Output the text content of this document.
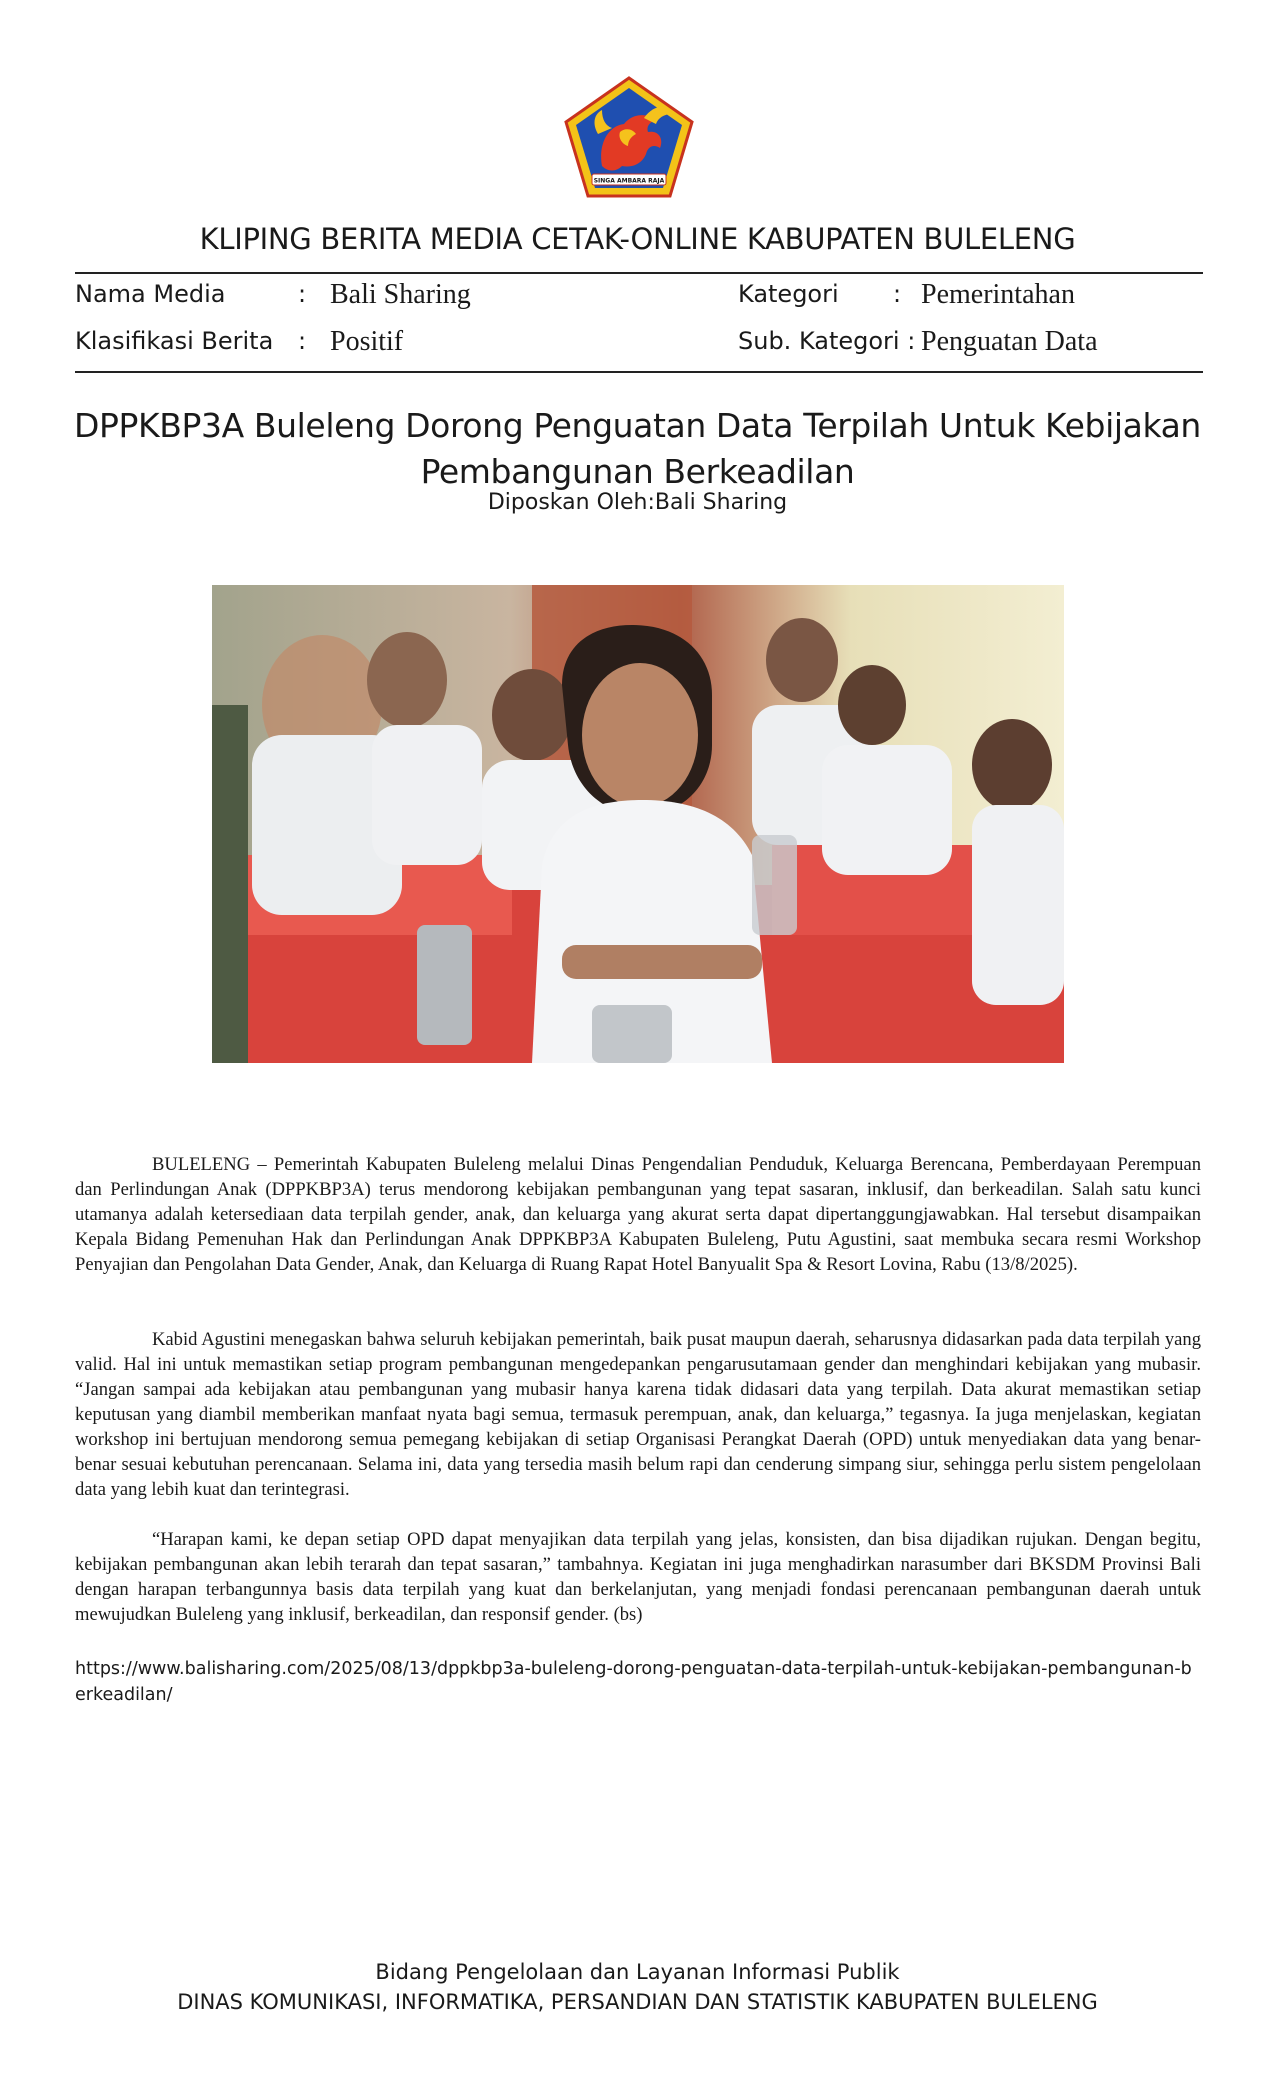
SINGA AMBARA RAJA
KLIPING BERITA MEDIA CETAK-ONLINE KABUPATEN BULELENG
Nama Media	: Bali Sharing
Klasifikasi Berita : Positif
Kategori : Pemerintahan
Sub. Kategori : Penguatan Data
DPPKBP3A Buleleng Dorong Penguatan Data Terpilah Untuk Kebijakan Pembangunan Berkeadilan
Diposkan Oleh:Bali Sharing

BULELENG – Pemerintah Kabupaten Buleleng melalui Dinas Pengendalian Penduduk, Keluarga Berencana, Pemberdayaan Perempuan dan Perlindungan Anak (DPPKBP3A) terus mendorong kebijakan pembangunan yang tepat sasaran, inklusif, dan berkeadilan. Salah satu kunci utamanya adalah ketersediaan data terpilah gender, anak, dan keluarga yang akurat serta dapat dipertanggungjawabkan. Hal tersebut disampaikan Kepala Bidang Pemenuhan Hak dan Perlindungan Anak DPPKBP3A Kabupaten Buleleng, Putu Agustini, saat membuka secara resmi Workshop Penyajian dan Pengolahan Data Gender, Anak, dan Keluarga di Ruang Rapat Hotel Banyualit Spa & Resort Lovina, Rabu (13/8/2025).

Kabid Agustini menegaskan bahwa seluruh kebijakan pemerintah, baik pusat maupun daerah, seharusnya didasarkan pada data terpilah yang valid. Hal ini untuk memastikan setiap program pembangunan mengedepankan pengarusutamaan gender dan menghindari kebijakan yang mubasir. “Jangan sampai ada kebijakan atau pembangunan yang mubasir hanya karena tidak didasari data yang terpilah. Data akurat memastikan setiap keputusan yang diambil memberikan manfaat nyata bagi semua, termasuk perempuan, anak, dan keluarga,” tegasnya. Ia juga menjelaskan, kegiatan workshop ini bertujuan mendorong semua pemegang kebijakan di setiap Organisasi Perangkat Daerah (OPD) untuk menyediakan data yang benar-benar sesuai kebutuhan perencanaan. Selama ini, data yang tersedia masih belum rapi dan cenderung simpang siur, sehingga perlu sistem pengelolaan data yang lebih kuat dan terintegrasi.

“Harapan kami, ke depan setiap OPD dapat menyajikan data terpilah yang jelas, konsisten, dan bisa dijadikan rujukan. Dengan begitu, kebijakan pembangunan akan lebih terarah dan tepat sasaran,” tambahnya. Kegiatan ini juga menghadirkan narasumber dari BKSDM Provinsi Bali dengan harapan terbangunnya basis data terpilah yang kuat dan berkelanjutan, yang menjadi fondasi perencanaan pembangunan daerah untuk mewujudkan Buleleng yang inklusif, berkeadilan, dan responsif gender. (bs)

https://www.balisharing.com/2025/08/13/dppkbp3a-buleleng-dorong-penguatan-data-terpilah-untuk-kebijakan-pembangunan-berkeadilan/

Bidang Pengelolaan dan Layanan Informasi Publik
DINAS KOMUNIKASI, INFORMATIKA, PERSANDIAN DAN STATISTIK KABUPATEN BULELENG
